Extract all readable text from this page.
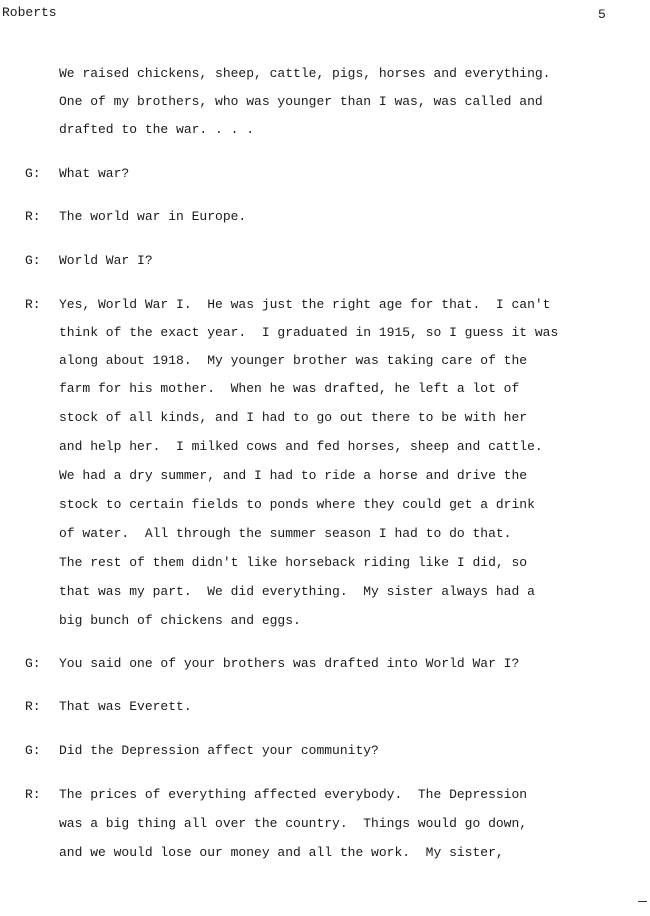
Roberts	5
We raised chickens, sheep, cattle, pigs, horses and everything.
One of my brothers, who was younger than I was, was called and
drafted to the war. . . .
G: What war?
R: The world war in Europe.
G: World War I?
R: Yes, World War I.  He was just the right age for that.  I can't
think of the exact year.  I graduated in 1915, so I guess it was
along about 1918.  My younger brother was taking care of the
farm for his mother.  When he was drafted, he left a lot of
stock of all kinds, and I had to go out there to be with her
and help her.  I milked cows and fed horses, sheep and cattle.
We had a dry summer, and I had to ride a horse and drive the
stock to certain fields to ponds where they could get a drink
of water.  All through the summer season I had to do that.
The rest of them didn't like horseback riding like I did, so
that was my part.  We did everything.  My sister always had a
big bunch of chickens and eggs.
G: You said one of your brothers was drafted into World War I?
R: That was Everett.
G: Did the Depression affect your community?
R: The prices of everything affected everybody.  The Depression
was a big thing all over the country.  Things would go down,
and we would lose our money and all the work.  My sister,
